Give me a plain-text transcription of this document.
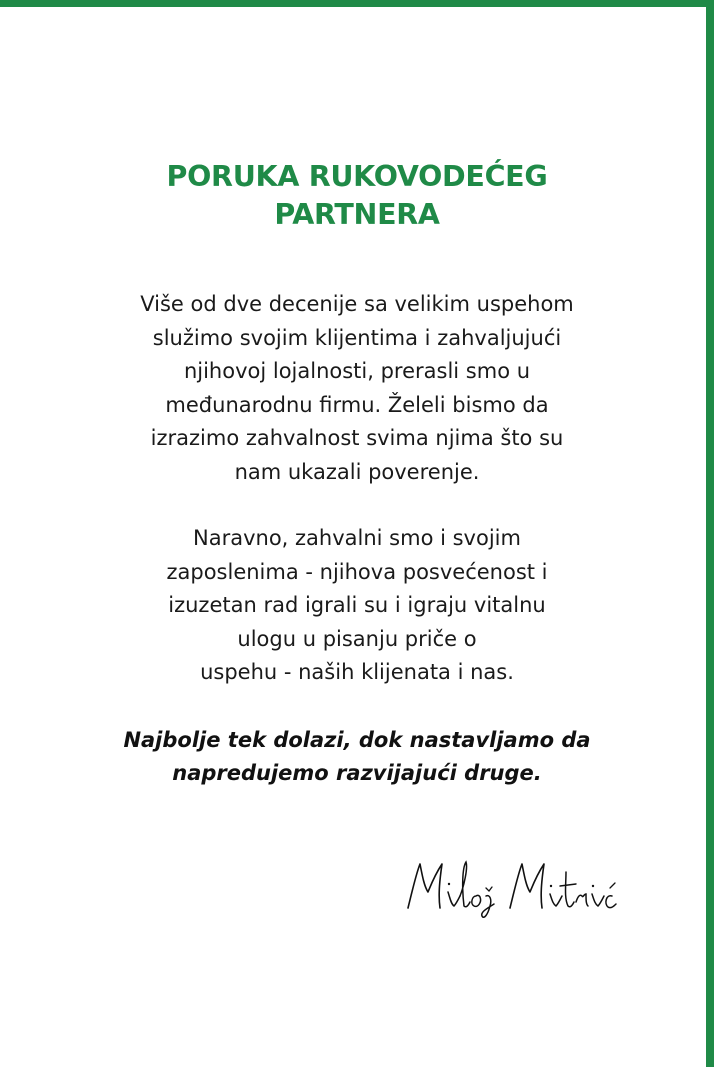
PORUKA RUKOVODEĆEG
PARTNERA

Više od dve decenije sa velikim uspehom
služimo svojim klijentima i zahvaljujući
njihovoj lojalnosti, prerasli smo u
međunarodnu firmu. Želeli bismo da
izrazimo zahvalnost svima njima što su
nam ukazali poverenje.

Naravno, zahvalni smo i svojim
zaposlenima - njihova posvećenost i
izuzetan rad igrali su i igraju vitalnu
ulogu u pisanju priče o
uspehu - naših klijenata i nas.

Najbolje tek dolazi, dok nastavljamo da
napredujemo razvijajući druge.
